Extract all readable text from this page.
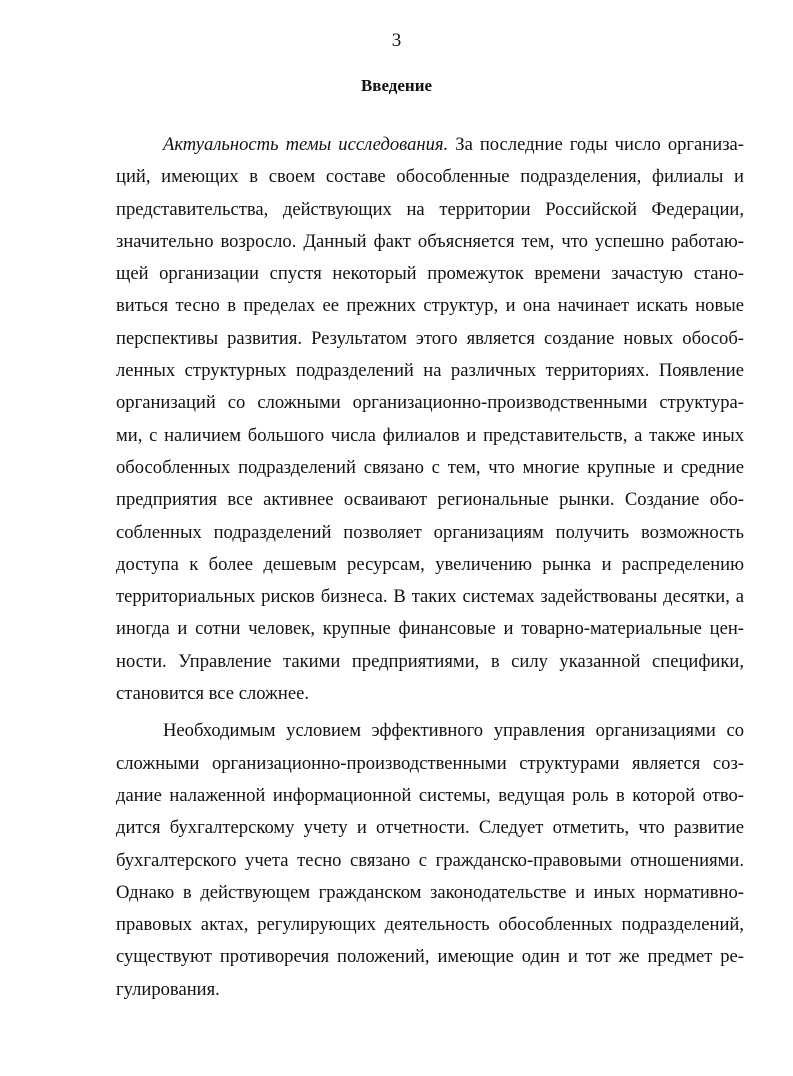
3
Введение
Актуальность темы исследования. За последние годы число организа-
ций, имеющих в своем составе обособленные подразделения, филиалы и
представительства, действующих на территории Российской Федерации,
значительно возросло. Данный факт объясняется тем, что успешно работаю-
щей организации спустя некоторый промежуток времени зачастую стано-
виться тесно в пределах ее прежних структур, и она начинает искать новые
перспективы развития. Результатом этого является создание новых обособ-
ленных структурных подразделений на различных территориях. Появление
организаций со сложными организационно-производственными структура-
ми, с наличием большого числа филиалов и представительств, а также иных
обособленных подразделений связано с тем, что многие крупные и средние
предприятия все активнее осваивают региональные рынки. Создание обо-
собленных подразделений позволяет организациям получить возможность
доступа к более дешевым ресурсам, увеличению рынка и распределению
территориальных рисков бизнеса. В таких системах задействованы десятки, а
иногда и сотни человек, крупные финансовые и товарно-материальные цен-
ности. Управление такими предприятиями, в силу указанной специфики,
становится все сложнее.
Необходимым условием эффективного управления организациями со
сложными организационно-производственными структурами является соз-
дание налаженной информационной системы, ведущая роль в которой отво-
дится бухгалтерскому учету и отчетности. Следует отметить, что развитие
бухгалтерского учета тесно связано с гражданско-правовыми отношениями.
Однако в действующем гражданском законодательстве и иных нормативно-
правовых актах, регулирующих деятельность обособленных подразделений,
существуют противоречия положений, имеющие один и тот же предмет ре-
гулирования.
